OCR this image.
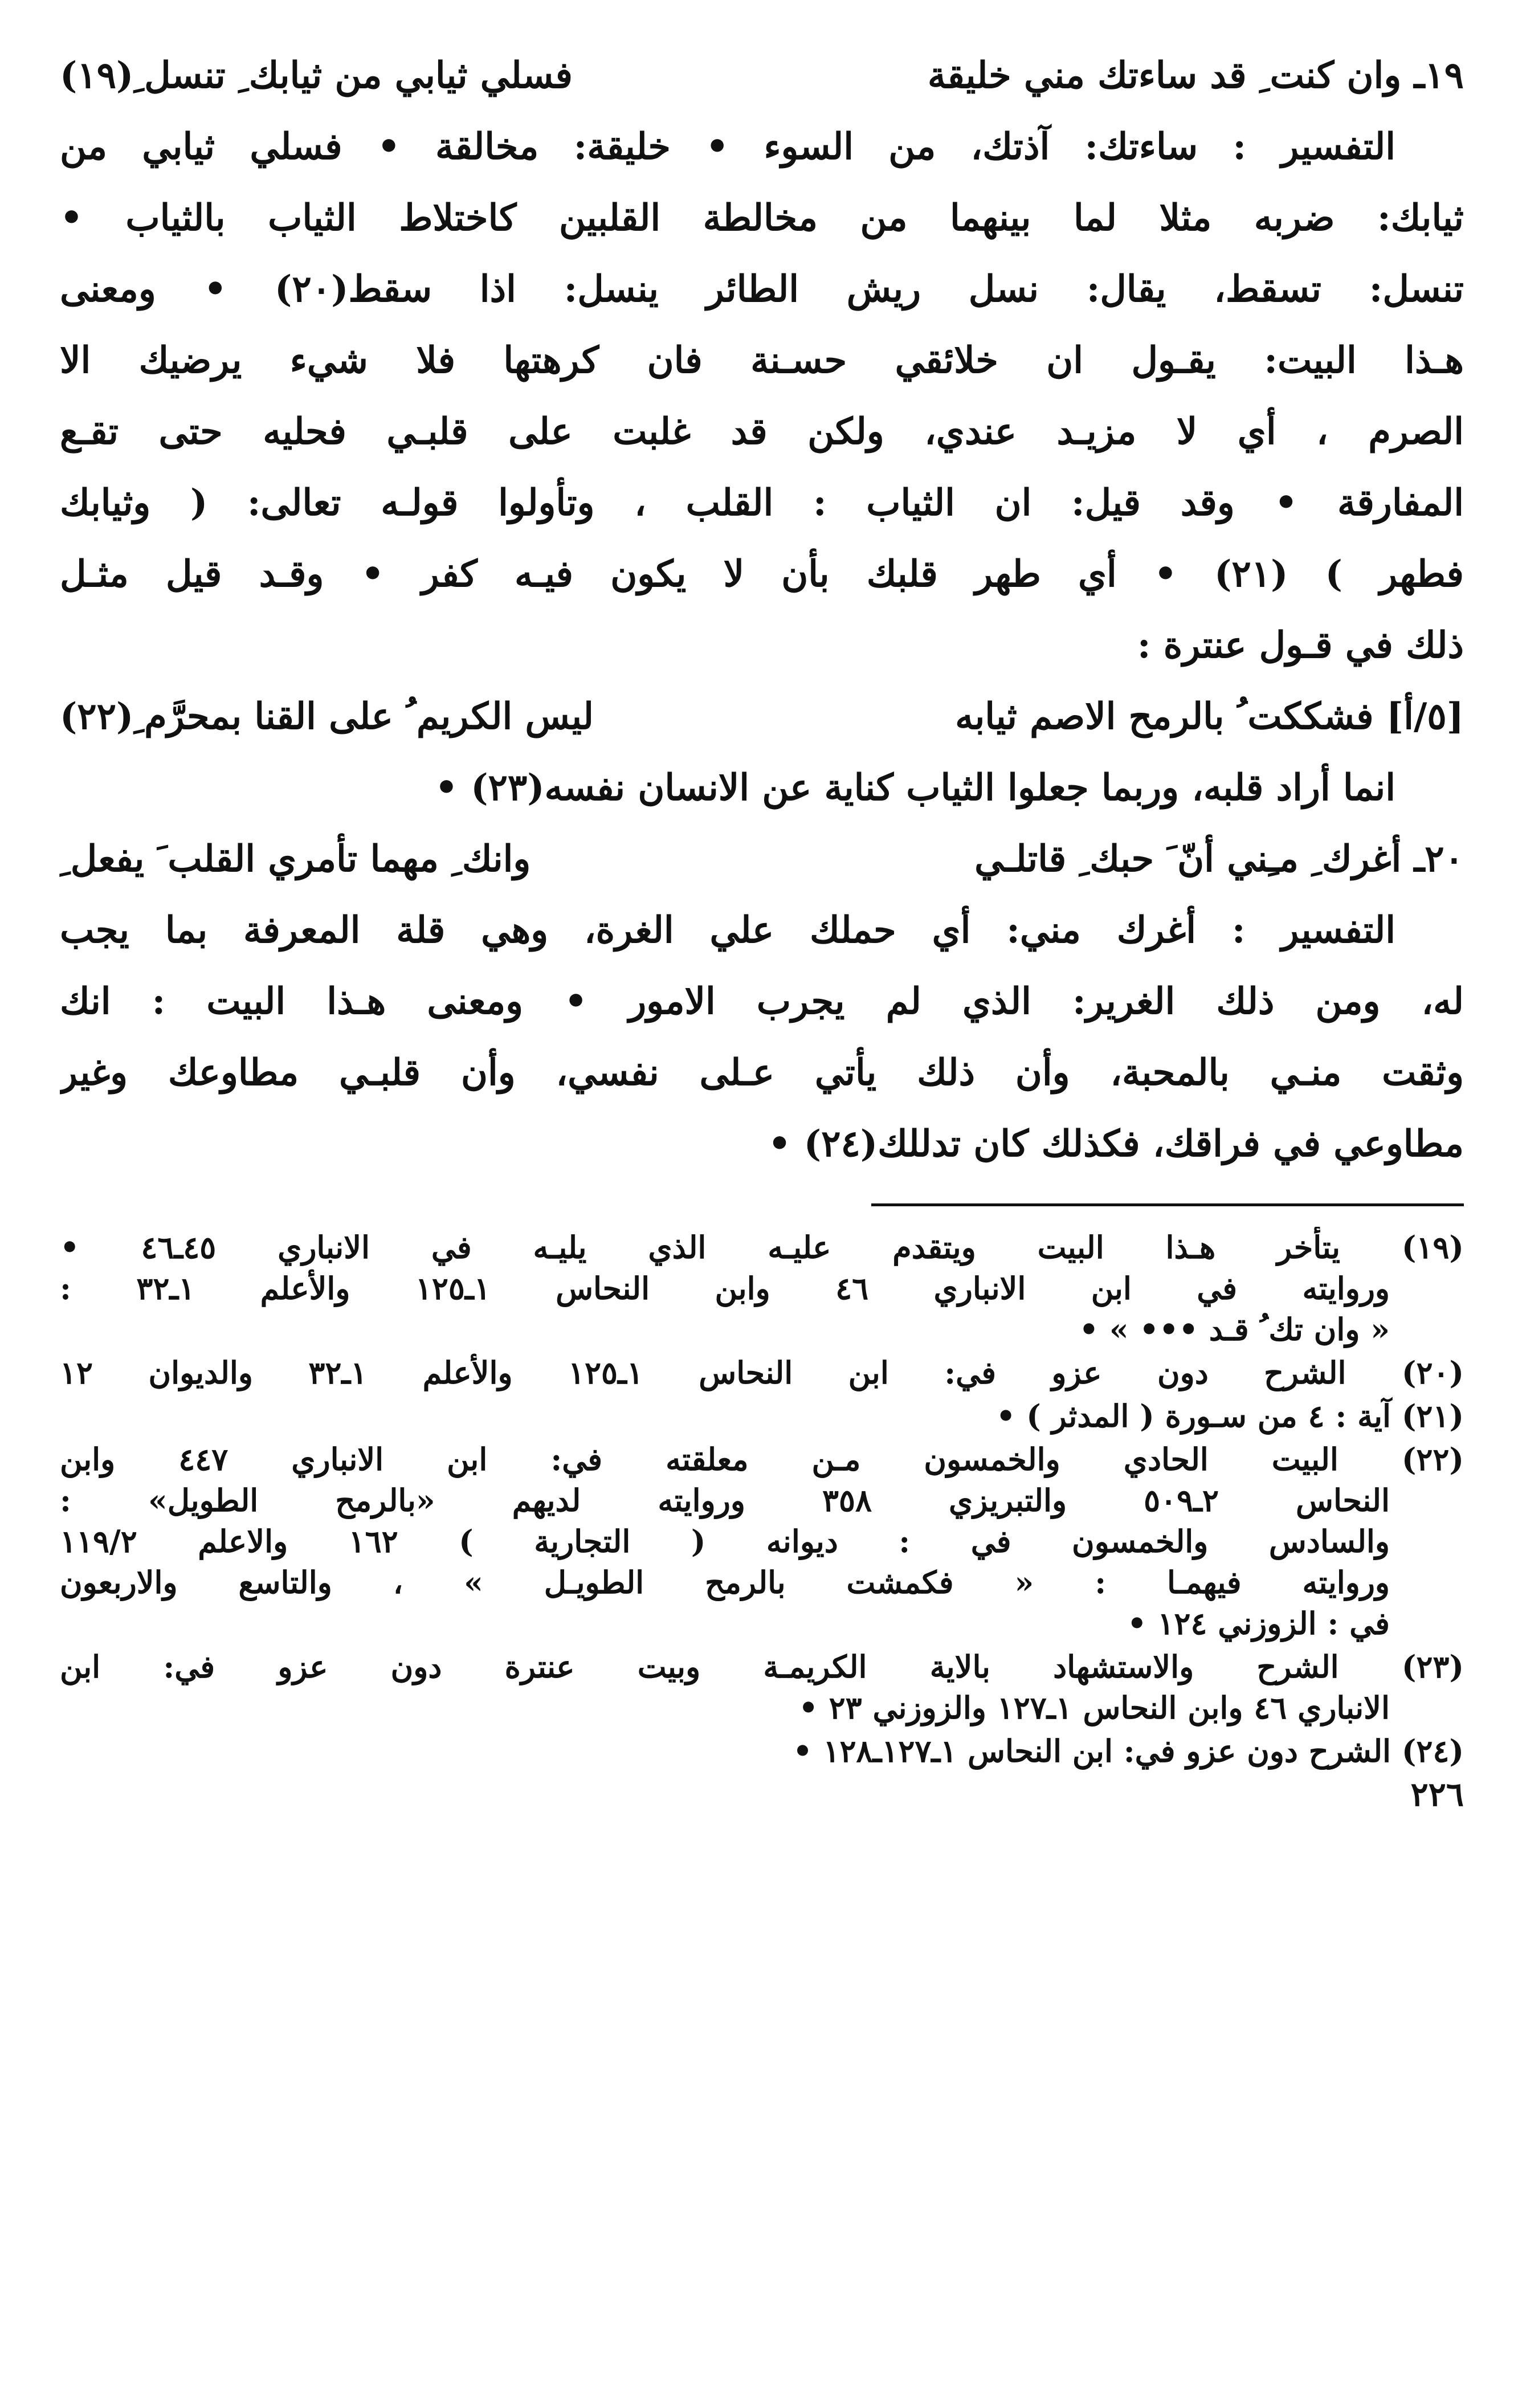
١٩ـ وان كنت ِ قد ساءتك مني خليقة
فسلي ثيابي من ثيابك ِ تنسل ِ(١٩)
التفسير : ساءتك: آذتك، من السوء • خليقة: مخالقة • فسلي ثيابي من
ثيابك: ضربه مثلا لما بينهما من مخالطة القلبين كاختلاط الثياب بالثياب •
تنسل: تسقط، يقال: نسل ريش الطائر ينسل: اذا سقط(٢٠) • ومعنى
هـذا البيت: يقـول ان خلائقي حسـنة فان كرهتها فلا شيء يرضيك الا
الصرم ، أي لا مزيـد عندي، ولكن قد غلبت على قلبـي فحليه حتى تقـع
المفارقة • وقد قيل: ان الثياب : القلب ، وتأولوا قولـه تعالى: ( وثيابك
فطهر ) (٢١) • أي طهر قلبك بأن لا يكون فيـه كفر • وقـد قيل مثـل
ذلك في قـول عنترة :
[٥/أ] فشككت ُ بالرمح الاصم ثيابه
ليس الكريم ُ على القنا بمحرَّم ِ(٢٢)
انما أراد قلبه، وربما جعلوا الثياب كناية عن الانسان نفسه(٢٣) •
٢٠ـ أغرك ِ مـِني أنّ َ حبك ِ قاتلـي
وانك ِ مهما تأمري القلب َ يفعل ِ
التفسير : أغرك مني: أي حملك علي الغرة، وهي قلة المعرفة بما يجب
له، ومن ذلك الغرير: الذي لم يجرب الامور • ومعنى هـذا البيت : انك
وثقت منـي بالمحبة، وأن ذلك يأتي عـلى نفسي، وأن قلبـي مطاوعك وغير
مطاوعي في فراقك، فكذلك كان تدللك(٢٤) •
(١٩) يتأخر هـذا البيت ويتقدم عليـه الذي يليـه في الانباري ٤٥ـ٤٦ •
وروايته في ابن الانباري ٤٦ وابن النحاس ١ـ١٢٥ والأعلم ١ـ٣٢ :
« وان تك ُ قـد ••• » •
(٢٠) الشرح دون عزو في: ابن النحاس ١ـ١٢٥ والأعلم ١ـ٣٢ والديوان ١٢
(٢١) آية : ٤ من سـورة ( المدثر ) •
(٢٢) البيت الحادي والخمسون مـن معلقته في: ابن الانباري ٤٤٧ وابن
النحاس ٢ـ٥٠٩ والتبريزي ٣٥٨ وروايته لديهم «بالرمح الطويل» :
والسادس والخمسون في : ديوانه ( التجارية ) ١٦٢ والاعلم ١١٩/٢
وروايته فيهمـا : « فكمشت بالرمح الطويـل » ، والتاسع والاربعون
في : الزوزني ١٢٤ •
(٢٣) الشرح والاستشهاد بالاية الكريمـة وبيت عنترة دون عزو في: ابن
الانباري ٤٦ وابن النحاس ١ـ١٢٧ والزوزني ٢٣ •
(٢٤) الشرح دون عزو في: ابن النحاس ١ـ١٢٧ـ١٢٨ •
٢٢٦
